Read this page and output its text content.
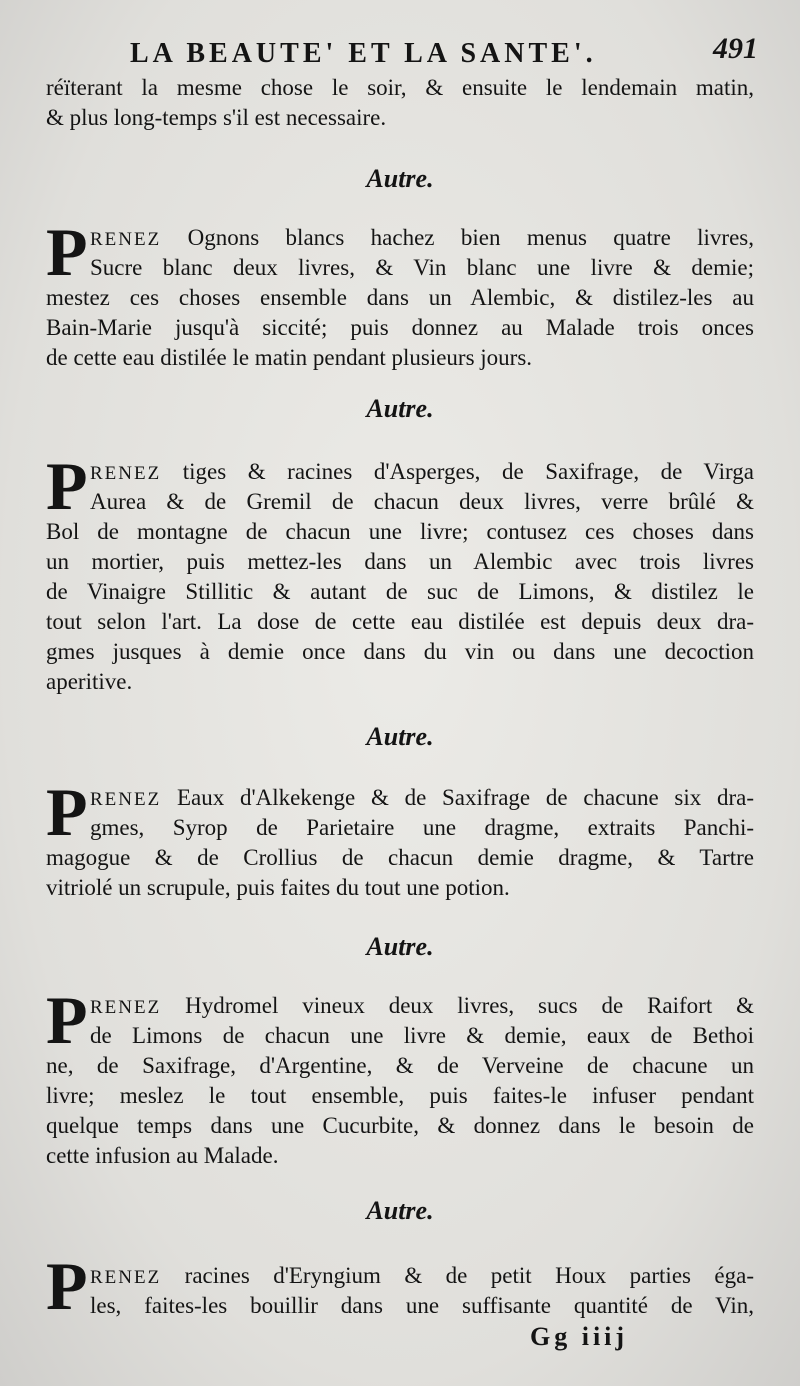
LA BEAUTE' ET LA SANTE'.	491
réïterant la mesme chose le soir, & ensuite le lendemain matin,
& plus long-temps s'il est necessaire.
Autre.
P RENEZ Ognons blancs hachez bien menus quatre livres,
Sucre blanc deux livres, & Vin blanc une livre & demie;
mestez ces choses ensemble dans un Alembic, & distilez-les au
Bain-Marie jusqu'à siccité; puis donnez au Malade trois onces
de cette eau distilée le matin pendant plusieurs jours.
Autre.
P RENEZ tiges & racines d'Asperges, de Saxifrage, de Virga
Aurea & de Gremil de chacun deux livres, verre brûlé &
Bol de montagne de chacun une livre; contusez ces choses dans
un mortier, puis mettez-les dans un Alembic avec trois livres
de Vinaigre Stillitic & autant de suc de Limons, & distilez le
tout selon l'art. La dose de cette eau distilée est depuis deux dra-
gmes jusques à demie once dans du vin ou dans une decoction
aperitive.
Autre.
P RENEZ Eaux d'Alkekenge & de Saxifrage de chacune six dra-
gmes, Syrop de Parietaire une dragme, extraits Panchi-
magogue & de Crollius de chacun demie dragme, & Tartre
vitriolé un scrupule, puis faites du tout une potion.
Autre.
P RENEZ Hydromel vineux deux livres, sucs de Raifort &
de Limons de chacun une livre & demie, eaux de Bethoi
ne, de Saxifrage, d'Argentine, & de Verveine de chacune un
livre; meslez le tout ensemble, puis faites-le infuser pendant
quelque temps dans une Cucurbite, & donnez dans le besoin de
cette infusion au Malade.
Autre.
P RENEZ racines d'Eryngium & de petit Houx parties éga-
les, faites-les bouillir dans une suffisante quantité de Vin,
Gg iiij
